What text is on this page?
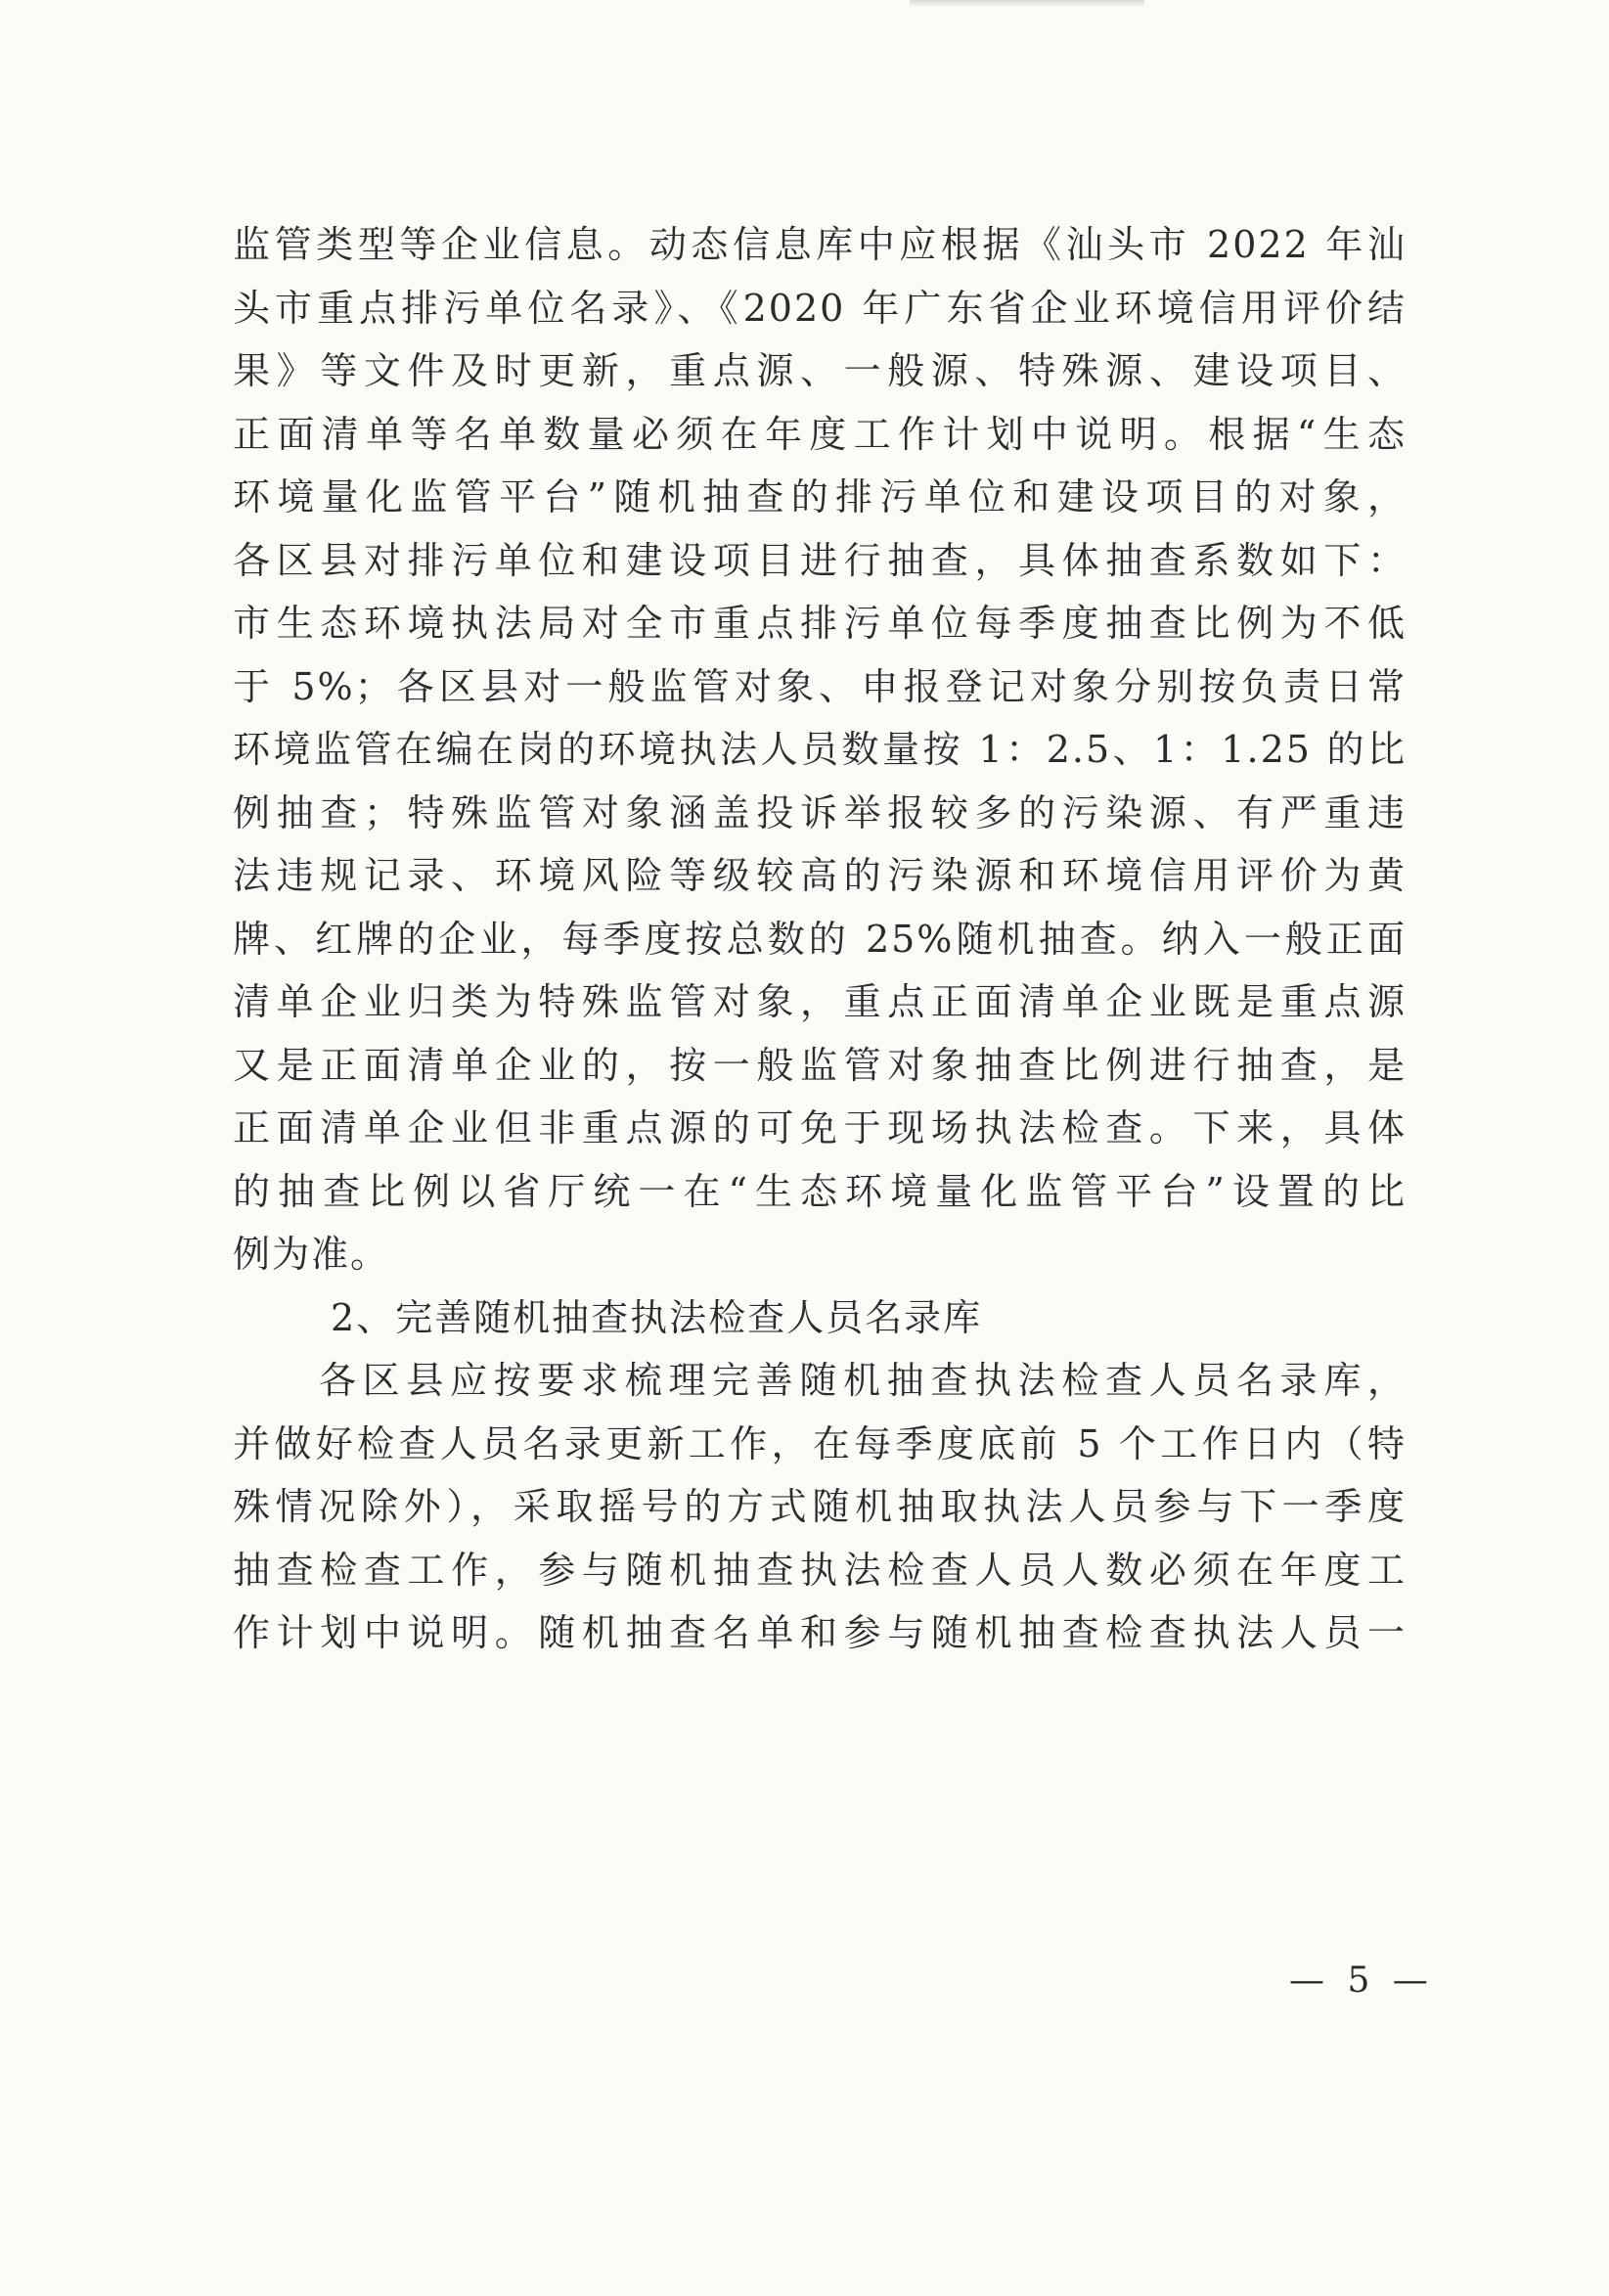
监管类型等企业信息。动态信息库中应根据《汕头市 2022 年汕
头市重点排污单位名录》、《2020 年广东省企业环境信用评价结
果》等文件及时更新，重点源、一般源、特殊源、建设项目、
正面清单等名单数量必须在年度工作计划中说明。根据“生态
环境量化监管平台”随机抽查的排污单位和建设项目的对象，
各区县对排污单位和建设项目进行抽查，具体抽查系数如下：
市生态环境执法局对全市重点排污单位每季度抽查比例为不低
于 5%；各区县对一般监管对象、申报登记对象分别按负责日常
环境监管在编在岗的环境执法人员数量按 1：2.5、1：1.25 的比
例抽查；特殊监管对象涵盖投诉举报较多的污染源、有严重违
法违规记录、环境风险等级较高的污染源和环境信用评价为黄
牌、红牌的企业，每季度按总数的 25%随机抽查。纳入一般正面
清单企业归类为特殊监管对象，重点正面清单企业既是重点源
又是正面清单企业的，按一般监管对象抽查比例进行抽查，是
正面清单企业但非重点源的可免于现场执法检查。下来，具体
的抽查比例以省厅统一在“生态环境量化监管平台”设置的比
例为准。
2、完善随机抽查执法检查人员名录库
各区县应按要求梳理完善随机抽查执法检查人员名录库，
并做好检查人员名录更新工作，在每季度底前 5 个工作日内（特
殊情况除外），采取摇号的方式随机抽取执法人员参与下一季度
抽查检查工作，参与随机抽查执法检查人员人数必须在年度工
作计划中说明。随机抽查名单和参与随机抽查检查执法人员一
— 5 —
